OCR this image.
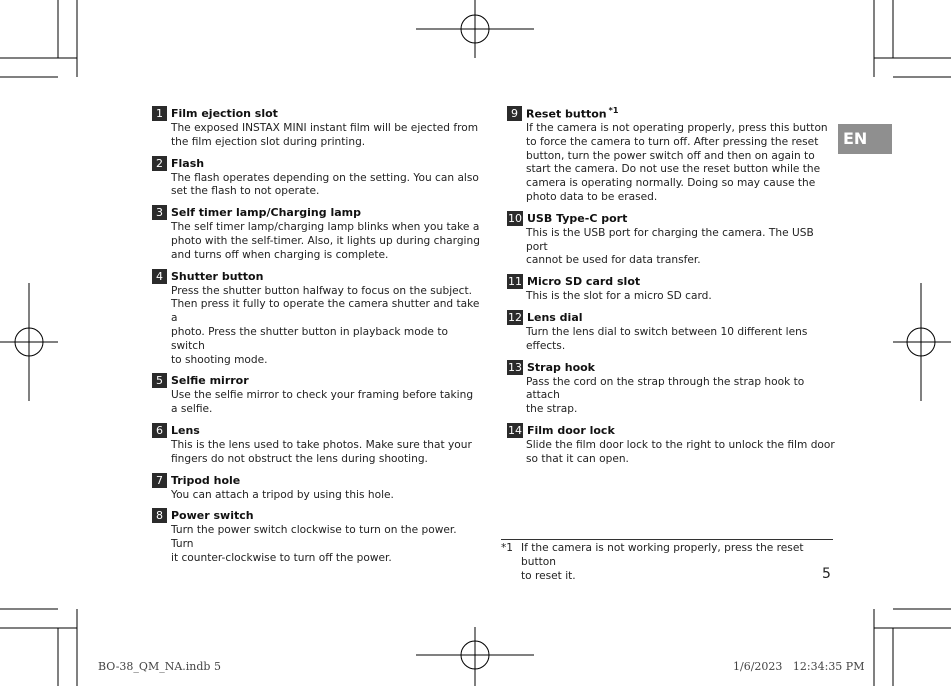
1 Film ejection slot
The exposed INSTAX MINI instant film will be ejected from
the film ejection slot during printing.
2 Flash
The flash operates depending on the setting. You can also
set the flash to not operate.
3 Self timer lamp/Charging lamp
The self timer lamp/charging lamp blinks when you take a
photo with the self-timer. Also, it lights up during charging
and turns off when charging is complete.
4 Shutter button
Press the shutter button halfway to focus on the subject.
Then press it fully to operate the camera shutter and take a
photo. Press the shutter button in playback mode to switch
to shooting mode.
5 Selfie mirror
Use the selfie mirror to check your framing before taking
a selfie.
6 Lens
This is the lens used to take photos. Make sure that your
fingers do not obstruct the lens during shooting.
7 Tripod hole
You can attach a tripod by using this hole.
8 Power switch
Turn the power switch clockwise to turn on the power. Turn
it counter-clockwise to turn off the power.
9 Reset button $^{*1}$
If the camera is not operating properly, press this button
to force the camera to turn off. After pressing the reset
button, turn the power switch off and then on again to
start the camera. Do not use the reset button while the
camera is operating normally. Doing so may cause the
photo data to be erased.
10 USB Type-C port
This is the USB port for charging the camera. The USB port
cannot be used for data transfer.
11 Micro SD card slot
This is the slot for a micro SD card.
12 Lens dial
Turn the lens dial to switch between 10 different lens
effects.
13 Strap hook
Pass the cord on the strap through the strap hook to attach
the strap.
14 Film door lock
Slide the film door lock to the right to unlock the film door
so that it can open.
EN
*1 If the camera is not working properly, press the reset button
to reset it.	5
BO-38_QM_NA.indb 5	1/6/2023 12:34:35 PM
